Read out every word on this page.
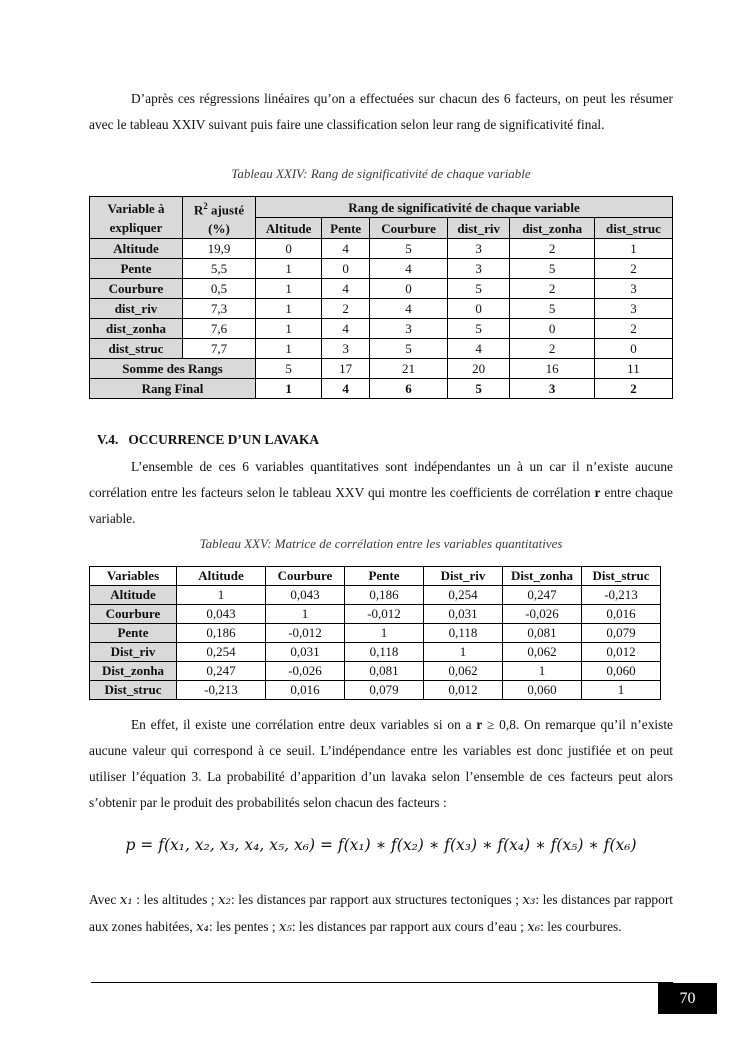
D’après ces régressions linéaires qu’on a effectuées sur chacun des 6 facteurs, on peut les résumer avec le tableau XXIV suivant puis faire une classification selon leur rang de significativité final.

Tableau XXIV: Rang de significativité de chaque variable

Variable à expliquer	$R^2$ ajusté (%)	Rang de significativité de chaque variable					
		Altitude	Pente	Courbure	dist_riv	dist_zonha	dist_struc
Altitude	19,9	0	4	5	3	2	1
Pente	5,5	1	0	4	3	5	2
Courbure	0,5	1	4	0	5	2	3
dist_riv	7,3	1	2	4	0	5	3
dist_zonha	7,6	1	4	3	5	0	2
dist_struc	7,7	1	3	5	4	2	0
Somme des Rangs		5	17	21	20	16	11
Rang Final		1	4	6	5	3	2

V.4.   OCCURRENCE D’UN LAVAKA

L’ensemble de ces 6 variables quantitatives sont indépendantes un à un car il n’existe aucune corrélation entre les facteurs selon le tableau XXV qui montre les coefficients de corrélation r entre chaque variable.

Tableau XXV: Matrice de corrélation entre les variables quantitatives

Variables	Altitude	Courbure	Pente	Dist_riv	Dist_zonha	Dist_struc
Altitude	1	0,043	0,186	0,254	0,247	-0,213
Courbure	0,043	1	-0,012	0,031	-0,026	0,016
Pente	0,186	-0,012	1	0,118	0,081	0,079
Dist_riv	0,254	0,031	0,118	1	0,062	0,012
Dist_zonha	0,247	-0,026	0,081	0,062	1	0,060
Dist_struc	-0,213	0,016	0,079	0,012	0,060	1

En effet, il existe une corrélation entre deux variables si on a r ≥ 0,8. On remarque qu’il n’existe aucune valeur qui correspond à ce seuil. L’indépendance entre les variables est donc justifiée et on peut utiliser l’équation 3. La probabilité d’apparition d’un lavaka selon l’ensemble de ces facteurs peut alors s’obtenir par le produit des probabilités selon chacun des facteurs :

p = f(x₁, x₂, x₃, x₄, x₅, x₆) = f(x₁) ∗ f(x₂) ∗ f(x₃) ∗ f(x₄) ∗ f(x₅) ∗ f(x₆)

Avec x₁ : les altitudes ; x₂: les distances par rapport aux structures tectoniques ; x₃: les distances par rapport aux zones habitées, x₄: les pentes ; x₅: les distances par rapport aux cours d’eau ; x₆: les courbures.

70
